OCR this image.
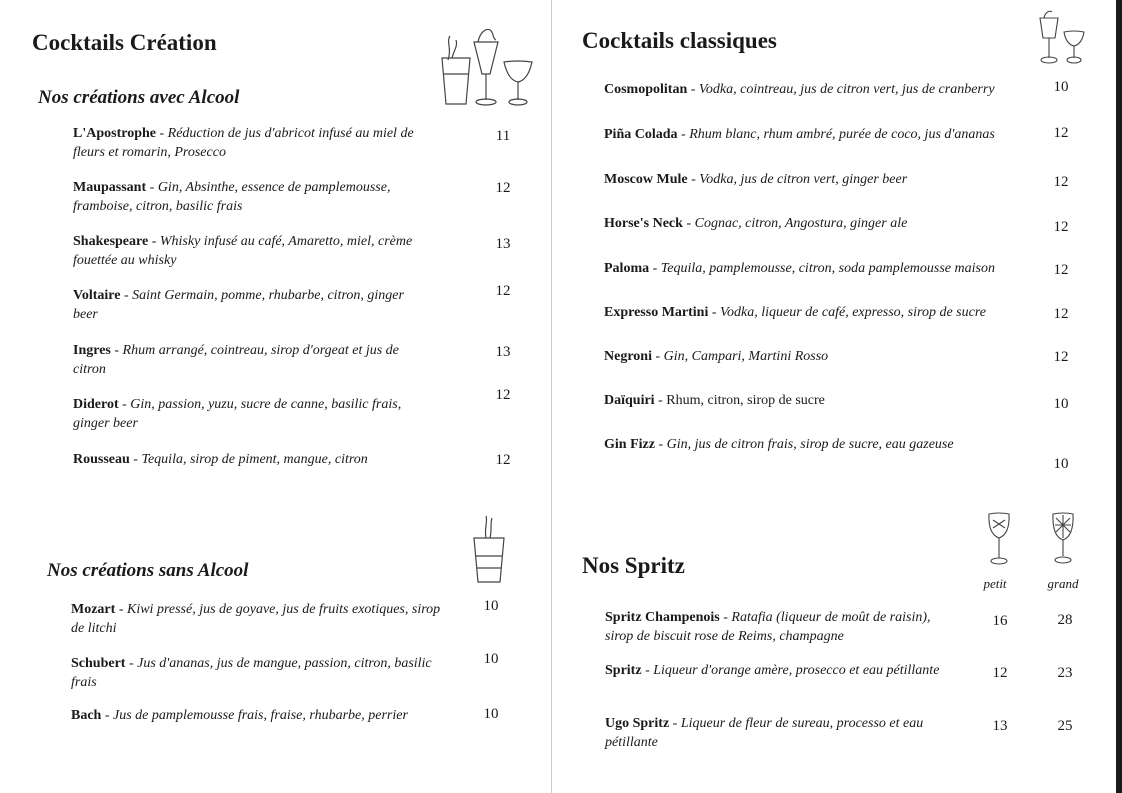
Cocktails Création
Nos créations avec Alcool
L'Apostrophe - Réduction de jus d'abricot infusé au miel de fleurs et romarin, Prosecco
11
Maupassant - Gin, Absinthe, essence de pamplemousse, framboise, citron, basilic frais
12
Shakespeare - Whisky infusé au café, Amaretto, miel, crème fouettée au whisky
13
Voltaire - Saint Germain, pomme, rhubarbe, citron, ginger beer
12
Ingres - Rhum arrangé, cointreau, sirop d'orgeat et jus de citron
13
Diderot - Gin, passion, yuzu, sucre de canne, basilic frais, ginger beer
12
Rousseau - Tequila, sirop de piment, mangue, citron	12
Nos créations sans Alcool
Mozart - Kiwi pressé, jus de goyave, jus de fruits exotiques, sirop de litchi
10
Schubert - Jus d'ananas, jus de mangue, passion, citron, basilic frais
10
Bach - Jus de pamplemousse frais, fraise, rhubarbe, perrier	10
Cocktails classiques
Cosmopolitan - Vodka, cointreau, jus de citron vert, jus de cranberry	10
Piña Colada - Rhum blanc, rhum ambré, purée de coco, jus d'ananas	12
Moscow Mule - Vodka, jus de citron vert, ginger beer	12
Horse's Neck - Cognac, citron, Angostura, ginger ale	12
Paloma - Tequila, pamplemousse, citron, soda pamplemousse maison	12
Expresso Martini - Vodka, liqueur de café, expresso, sirop de sucre	12
Negroni - Gin, Campari, Martini Rosso	12
Daïquiri - Rhum, citron, sirop de sucre	10
Gin Fizz - Gin, jus de citron frais, sirop de sucre, eau gazeuse
10
Nos Spritz
petit	grand
Spritz Champenois - Ratafia (liqueur de moût de raisin), sirop de biscuit rose de Reims, champagne
16	28
Spritz - Liqueur d'orange amère, prosecco et eau pétillante	12	23
Ugo Spritz - Liqueur de fleur de sureau, processo et eau pétillante
13	25
